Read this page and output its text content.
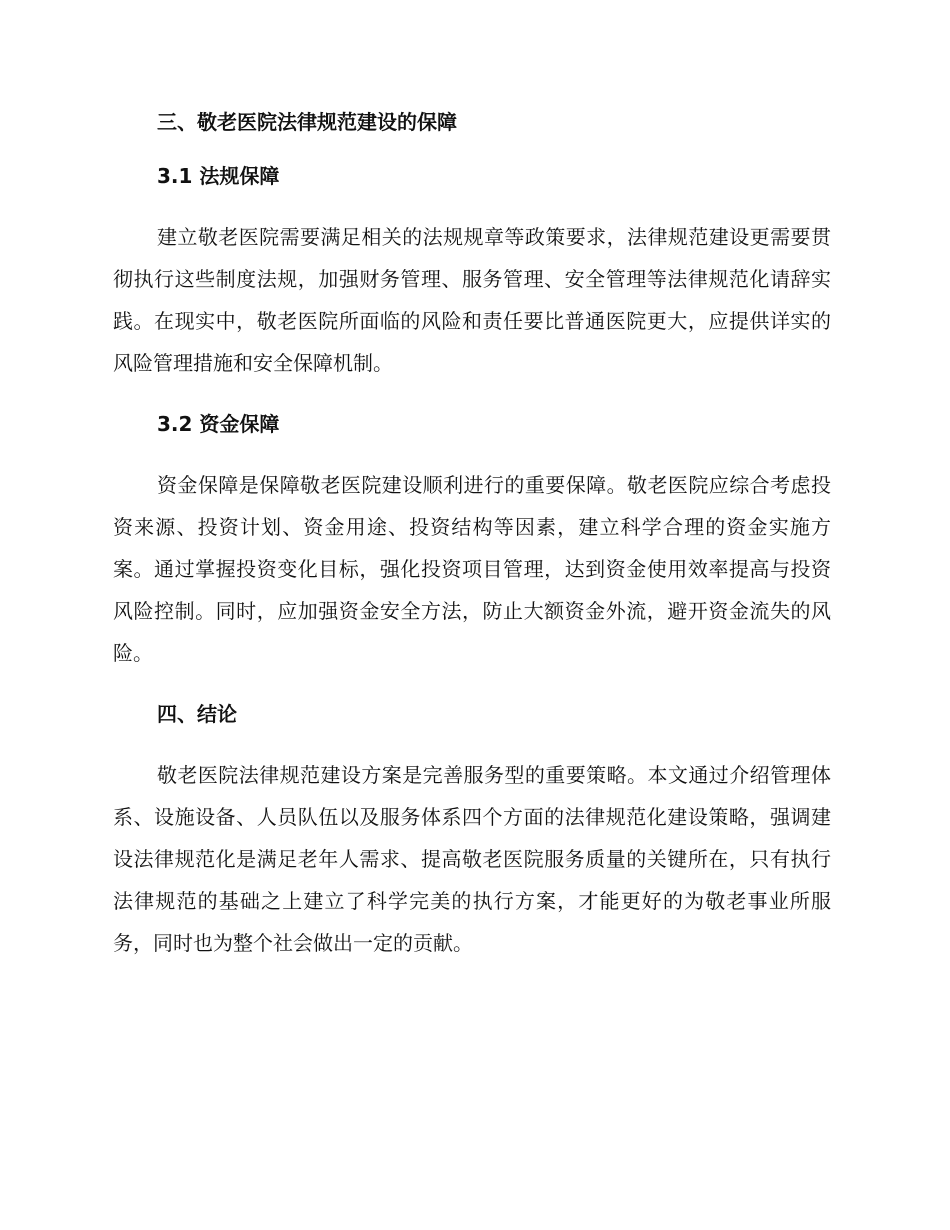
三、敬老医院法律规范建设的保障
3.1 法规保障

建立敬老医院需要满足相关的法规规章等政策要求，法律规范建设更需要贯彻执行这些制度法规，加强财务管理、服务管理、安全管理等法律规范化请辞实践。在现实中，敬老医院所面临的风险和责任要比普通医院更大，应提供详实的风险管理措施和安全保障机制。

3.2 资金保障

资金保障是保障敬老医院建设顺利进行的重要保障。敬老医院应综合考虑投资来源、投资计划、资金用途、投资结构等因素，建立科学合理的资金实施方案。通过掌握投资变化目标，强化投资项目管理，达到资金使用效率提高与投资风险控制。同时，应加强资金安全方法，防止大额资金外流，避开资金流失的风险。

四、结论

敬老医院法律规范建设方案是完善服务型的重要策略。本文通过介绍管理体系、设施设备、人员队伍以及服务体系四个方面的法律规范化建设策略，强调建设法律规范化是满足老年人需求、提高敬老医院服务质量的关键所在，只有执行法律规范的基础之上建立了科学完美的执行方案，才能更好的为敬老事业所服务，同时也为整个社会做出一定的贡献。
